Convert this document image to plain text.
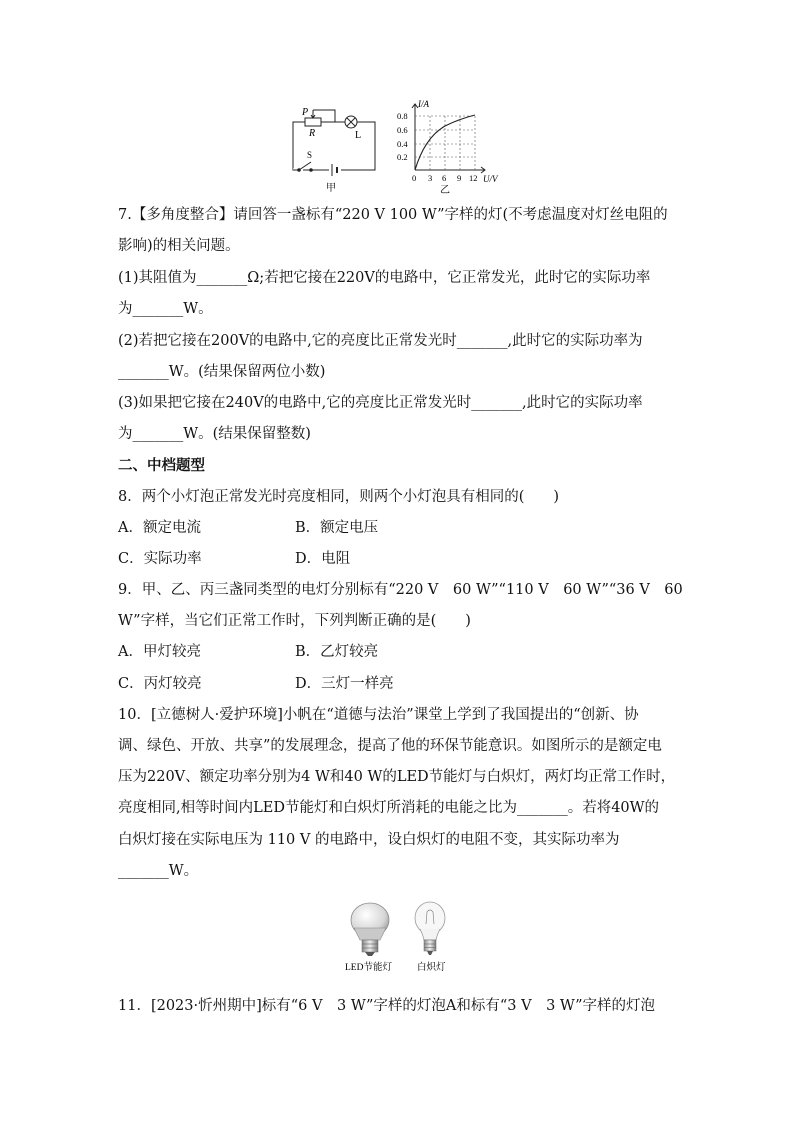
P
R	L
S
甲
I/A
0.8
0.6
0.4
0.2
0 3 6 9 12 U/V
乙
7.【多角度整合】请回答一盏标有“220 V 100 W”字样的灯(不考虑温度对灯丝电阻的
影响)的相关问题。
(1)其阻值为_______Ω;若把它接在220V的电路中，它正常发光，此时它的实际功率
为_______W。
(2)若把它接在200V的电路中,它的亮度比正常发光时_______,此时它的实际功率为
_______W。(结果保留两位小数)
(3)如果把它接在240V的电路中,它的亮度比正常发光时_______,此时它的实际功率
为_______W。(结果保留整数)
二、中档题型
8．两个小灯泡正常发光时亮度相同，则两个小灯泡具有相同的(　　)
A．额定电流	B．额定电压
C．实际功率	D．电阻
9．甲、乙、丙三盏同类型的电灯分别标有“220 V　60 W”“110 V　60 W”“36 V　60
W”字样，当它们正常工作时，下列判断正确的是(　　)
A．甲灯较亮	B．乙灯较亮
C．丙灯较亮	D．三灯一样亮
10．[立德树人·爱护环境]小帆在“道德与法治”课堂上学到了我国提出的“创新、协
调、绿色、开放、共享”的发展理念，提高了他的环保节能意识。如图所示的是额定电
压为220V、额定功率分别为4 W和40 W的LED节能灯与白炽灯，两灯均正常工作时，
亮度相同,相等时间内LED节能灯和白炽灯所消耗的电能之比为_______。若将40W的
白炽灯接在实际电压为 110 V 的电路中，设白炽灯的电阻不变，其实际功率为
_______W。
LED节能灯	白炽灯
11．[2023·忻州期中]标有“6 V　3 W”字样的灯泡A和标有“3 V　3 W”字样的灯泡
